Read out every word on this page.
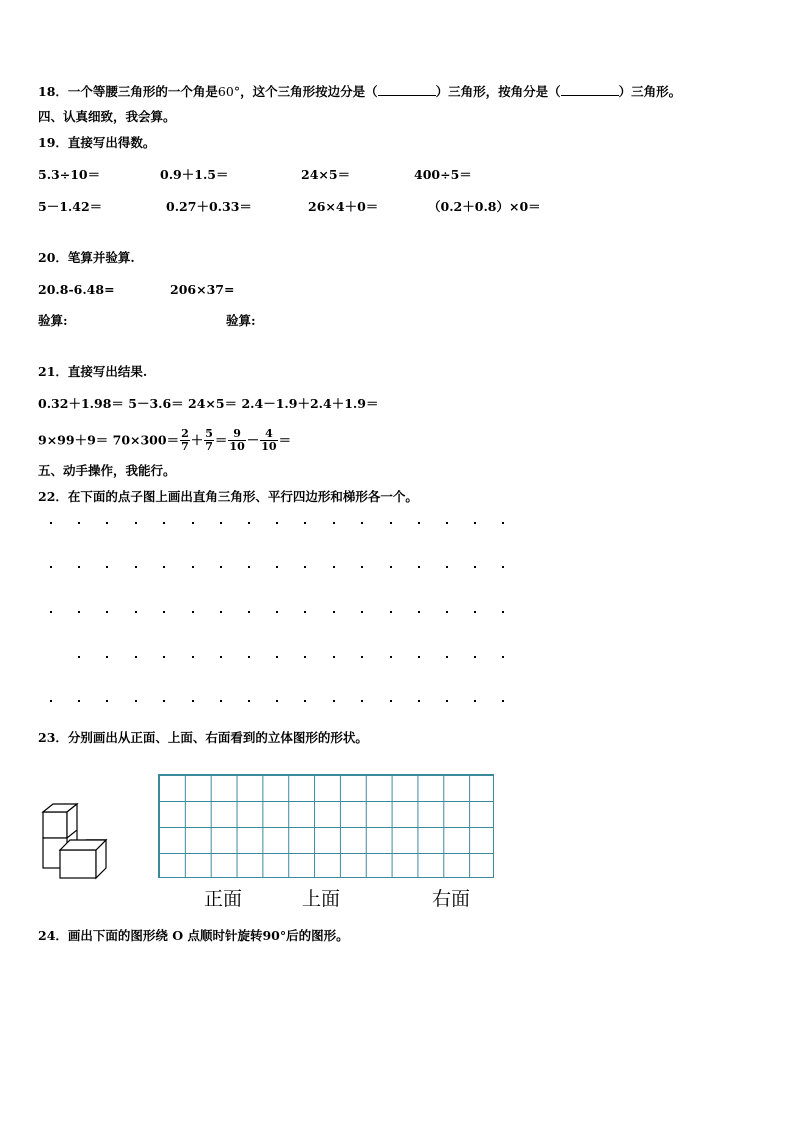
18．一个等腰三角形的一个角是60°，这个三角形按边分是（	）三角形，按角分是（	）三角形。
四、认真细致，我会算。
19．直接写出得数。
5.3÷10＝	0.9＋1.5＝	24×5＝	400÷5＝
5－1.42＝	0.27＋0.33＝	26×4＋0＝	（0.2＋0.8）×0＝
20．笔算并验算.
20.8-6.48=	206×37=
验算:	验算:
21．直接写出结果.
0.32＋1.98＝ 5－3.6＝ 24×5＝ 2.4－1.9＋2.4＋1.9＝
$9\times 99+9= 70\times 300= \frac{2}{7} + \frac{5}{7} = \frac{9}{10} - \frac{4}{10}$ ＝
五、动手操作，我能行。
22．在下面的点子图上画出直角三角形、平行四边形和梯形各一个。
23．分别画出从正面、上面、右面看到的立体图形的形状。
正面	上面	右面
24．画出下面的图形绕 O 点顺时针旋转90°后的图形。
